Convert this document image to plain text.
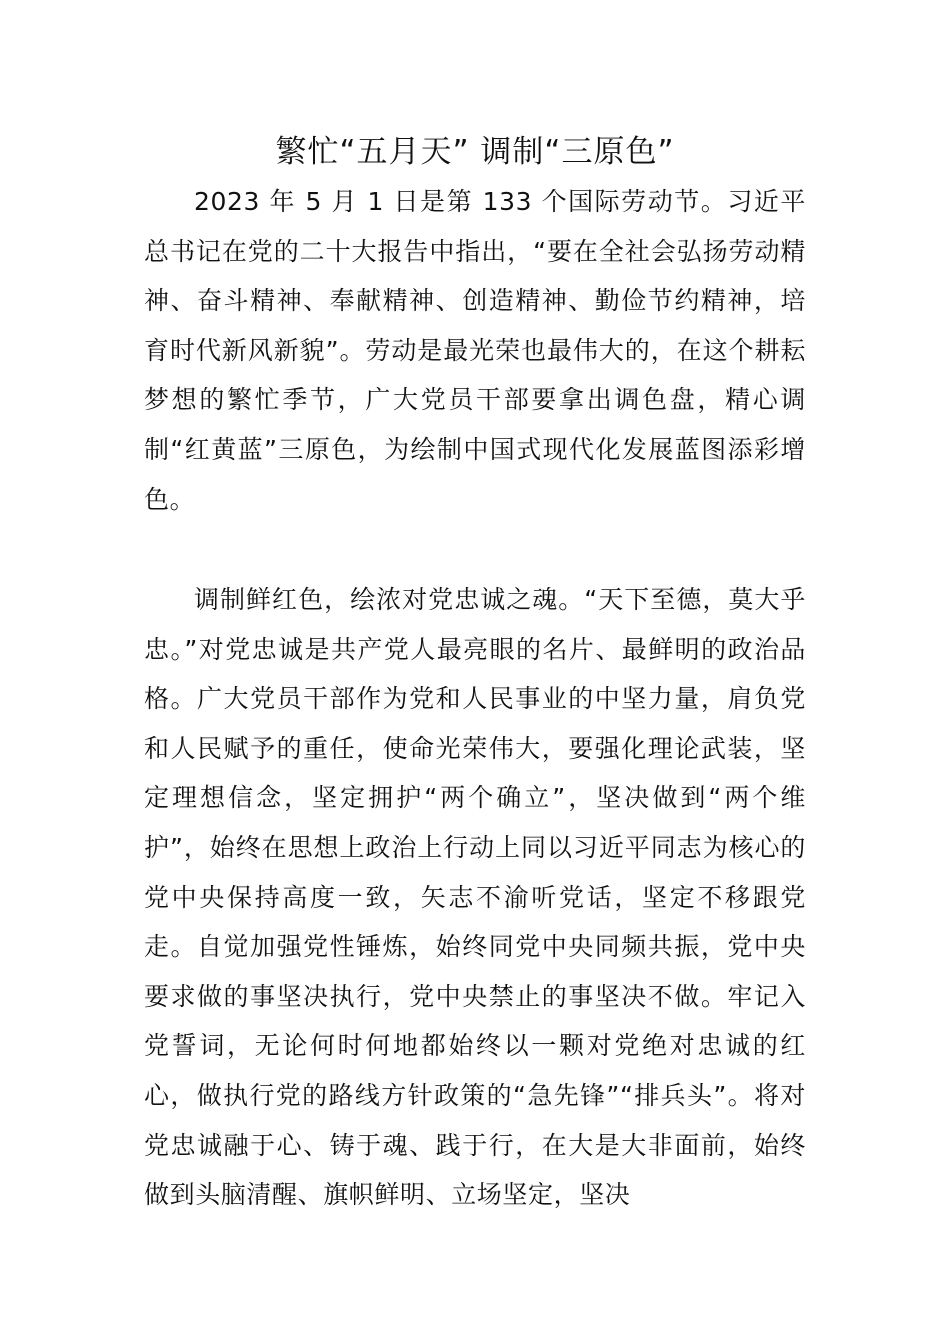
繁忙“五月天” 调制“三原色”

2023 年 5 月 1 日是第 133 个国际劳动节。习近平总书记在党的二十大报告中指出，“要在全社会弘扬劳动精神、奋斗精神、奉献精神、创造精神、勤俭节约精神，培育时代新风新貌”。劳动是最光荣也最伟大的，在这个耕耘梦想的繁忙季节，广大党员干部要拿出调色盘，精心调制“红黄蓝”三原色，为绘制中国式现代化发展蓝图添彩增色。

调制鲜红色，绘浓对党忠诚之魂。“天下至德，莫大乎忠。”对党忠诚是共产党人最亮眼的名片、最鲜明的政治品格。广大党员干部作为党和人民事业的中坚力量，肩负党和人民赋予的重任，使命光荣伟大，要强化理论武装，坚定理想信念，坚定拥护“两个确立”，坚决做到“两个维护”，始终在思想上政治上行动上同以习近平同志为核心的党中央保持高度一致，矢志不渝听党话，坚定不移跟党走。自觉加强党性锤炼，始终同党中央同频共振，党中央要求做的事坚决执行，党中央禁止的事坚决不做。牢记入党誓词，无论何时何地都始终以一颗对党绝对忠诚的红心，做执行党的路线方针政策的“急先锋”“排兵头”。将对党忠诚融于心、铸于魂、践于行，在大是大非面前，始终做到头脑清醒、旗帜鲜明、立场坚定，坚决
